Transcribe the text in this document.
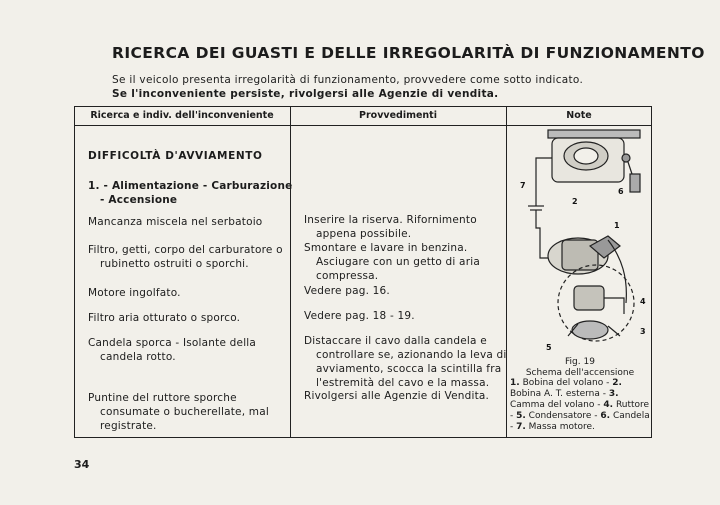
RICERCA DEI GUASTI E DELLE IRREGOLARITÀ DI FUNZIONAMENTO
Se il veicolo presenta irregolarità di funzionamento, provvedere come sotto indicato.
Se l'inconveniente persiste, rivolgersi alle Agenzie di vendita.
Ricerca e indiv. dell'inconveniente	Provvedimenti	Note
DIFFICOLTÀ D'AVVIAMENTO
1. - Alimentazione - Carburazione - Accensione
Mancanza miscela nel serbatoio
Filtro, getti, corpo del carburatore o rubinetto ostruiti o sporchi.
Motore ingolfato.
Filtro aria otturato o sporco.
Candela sporca - Isolante della candela rotto.
Puntine del ruttore sporche consumate o bucherellate, mal registrate.
Inserire la riserva. Rifornimento appena possibile.
Smontare e lavare in benzina. Asciugare con un getto di aria compressa.
Vedere pag. 16.
Vedere pag. 18 - 19.
Distaccare il cavo dalla candela e controllare se, azionando la leva di avviamento, scocca la scintilla fra l'estremità del cavo e la massa.
Rivolgersi alle Agenzie di Vendita.
Fig. 19
Schema dell'accensione
1. Bobina del volano - 2. Bobina A. T. esterna - 3. Camma del volano - 4. Ruttore - 5. Condensatore - 6. Candela - 7. Massa motore.
1
2
3
4
5
6
7
34
